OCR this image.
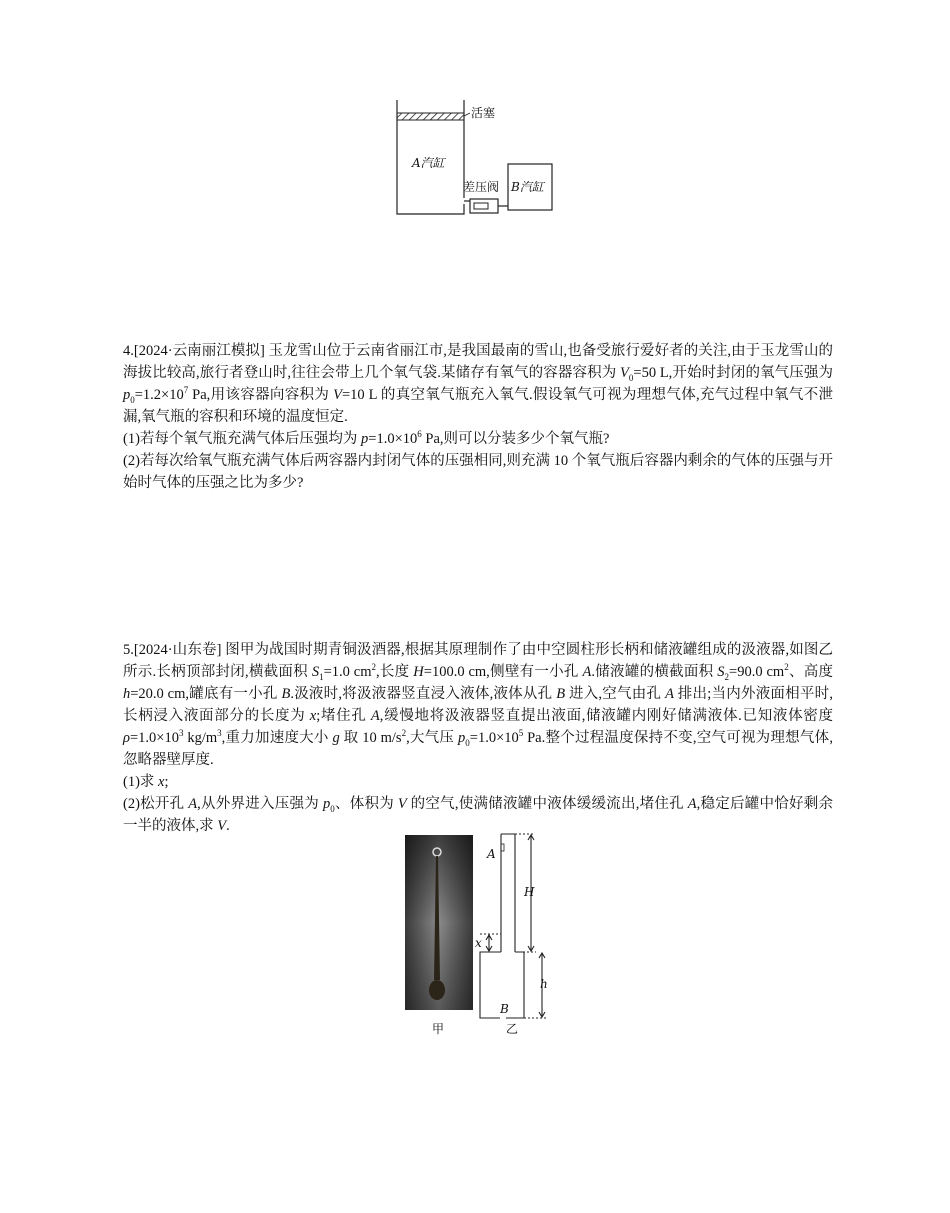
活塞
A汽缸
差压阀 B汽缸

4.[2024·云南丽江模拟] 玉龙雪山位于云南省丽江市,是我国最南的雪山,也备受旅行爱好者的关注,由于玉龙雪山的海拔比较高,旅行者登山时,往往会带上几个氧气袋.某储存有氧气的容器容积为 $V_0=50$ L,开始时封闭的氧气压强为 $p_0=1.2\times 10^7$ Pa,用该容器向容积为 V=10 L 的真空氧气瓶充入氧气.假设氧气可视为理想气体,充气过程中氧气不泄漏,氧气瓶的容积和环境的温度恒定.

(1)若每个氧气瓶充满气体后压强均为 $p=1.0\times 10^6$ Pa,则可以分装多少个氧气瓶?

(2)若每次给氧气瓶充满气体后两容器内封闭气体的压强相同,则充满 10 个氧气瓶后容器内剩余的气体的压强与开始时气体的压强之比为多少?

5.[2024·山东卷] 图甲为战国时期青铜汲酒器,根据其原理制作了由中空圆柱形长柄和储液罐组成的汲液器,如图乙所示.长柄顶部封闭,横截面积 $S_1=1.0$ $cm^2$,长度 H=100.0 cm,侧壁有一小孔 A.储液罐的横截面积 $S_2=90.0$ $cm^2$、高度 h=20.0 cm,罐底有一小孔 B.汲液时,将汲液器竖直浸入液体,液体从孔 B 进入,空气由孔 A 排出;当内外液面相平时,长柄浸入液面部分的长度为 x;堵住孔 A,缓慢地将汲液器竖直提出液面,储液罐内刚好储满液体.已知液体密度 $\rho=1.0\times 10^3$ $kg/m^3$,重力加速度大小 g 取 10 $m/s^2$,大气压 $p_0=1.0\times 10^5$ Pa.整个过程温度保持不变,空气可视为理想气体,忽略器壁厚度.

(1)求 x;

(2)松开孔 A,从外界进入压强为 $p_0$、体积为 V 的空气,使满储液罐中液体缓缓流出,堵住孔 A,稳定后罐中恰好剩余一半的液体,求 V.

甲
A
H
x
h
B
乙
